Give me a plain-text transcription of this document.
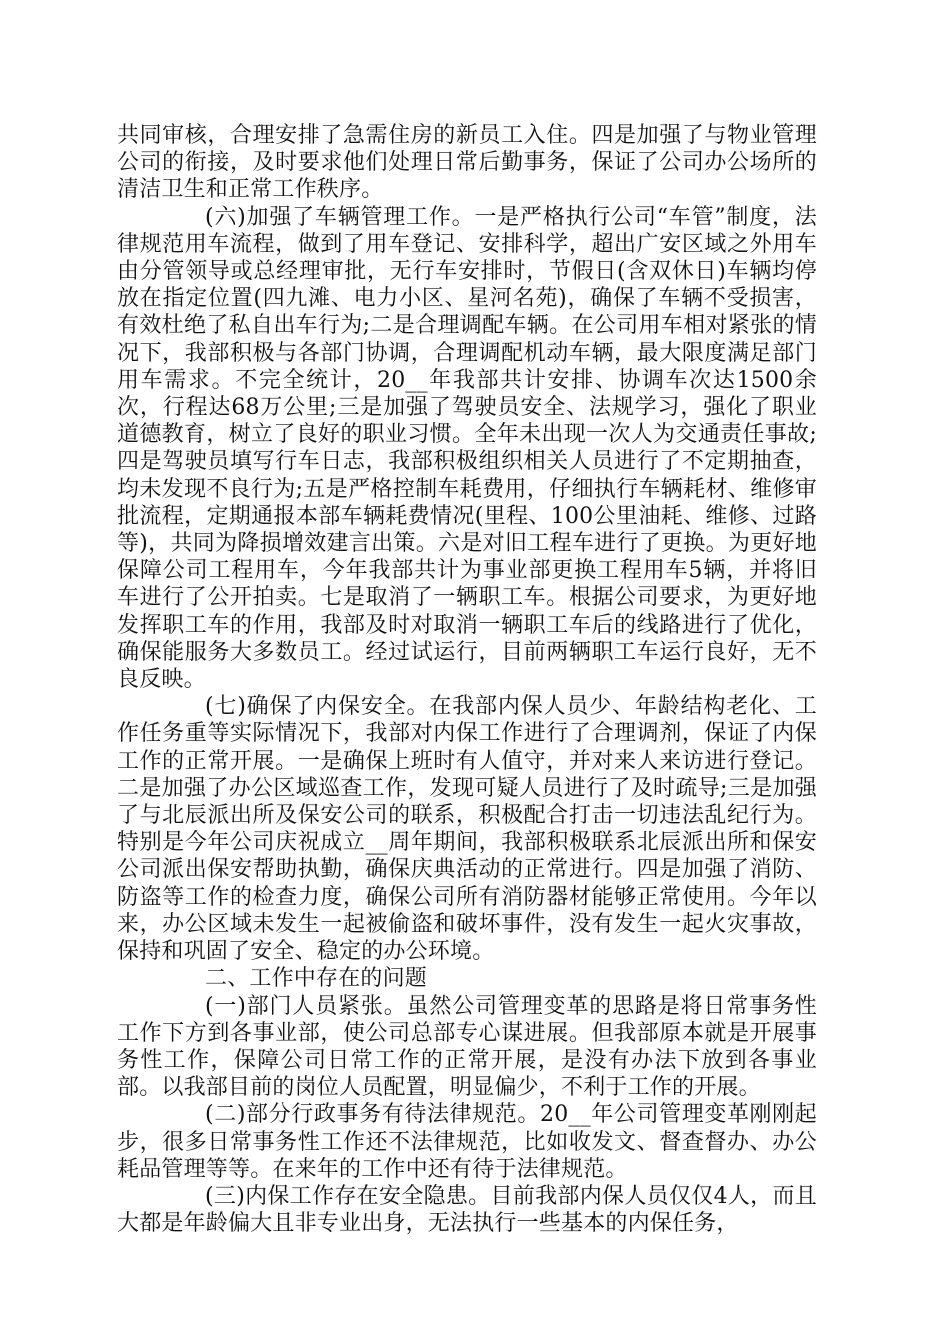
共同审核，合理安排了急需住房的新员工入住。四是加强了与物业管理公司的衔接，及时要求他们处理日常后勤事务，保证了公司办公场所的清洁卫生和正常工作秩序。

(六)加强了车辆管理工作。一是严格执行公司“车管”制度，法律规范用车流程，做到了用车登记、安排科学，超出广安区域之外用车由分管领导或总经理审批，无行车安排时，节假日(含双休日)车辆均停放在指定位置(四九滩、电力小区、星河名苑)，确保了车辆不受损害，有效杜绝了私自出车行为;二是合理调配车辆。在公司用车相对紧张的情况下，我部积极与各部门协调，合理调配机动车辆，最大限度满足部门用车需求。不完全统计，20__年我部共计安排、协调车次达1500余次，行程达68万公里;三是加强了驾驶员安全、法规学习，强化了职业道德教育，树立了良好的职业习惯。全年未出现一次人为交通责任事故;四是驾驶员填写行车日志，我部积极组织相关人员进行了不定期抽查，均未发现不良行为;五是严格控制车耗费用，仔细执行车辆耗材、维修审批流程，定期通报本部车辆耗费情况(里程、100公里油耗、维修、过路等)，共同为降损增效建言出策。六是对旧工程车进行了更换。为更好地保障公司工程用车，今年我部共计为事业部更换工程用车5辆，并将旧车进行了公开拍卖。七是取消了一辆职工车。根据公司要求，为更好地发挥职工车的作用，我部及时对取消一辆职工车后的线路进行了优化，确保能服务大多数员工。经过试运行，目前两辆职工车运行良好，无不良反映。

(七)确保了内保安全。在我部内保人员少、年龄结构老化、工作任务重等实际情况下，我部对内保工作进行了合理调剂，保证了内保工作的正常开展。一是确保上班时有人值守，并对来人来访进行登记。二是加强了办公区域巡查工作，发现可疑人员进行了及时疏导;三是加强了与北辰派出所及保安公司的联系，积极配合打击一切违法乱纪行为。特别是今年公司庆祝成立__周年期间，我部积极联系北辰派出所和保安公司派出保安帮助执勤，确保庆典活动的正常进行。四是加强了消防、防盗等工作的检查力度，确保公司所有消防器材能够正常使用。今年以来，办公区域未发生一起被偷盗和破坏事件，没有发生一起火灾事故，保持和巩固了安全、稳定的办公环境。

二、工作中存在的问题

(一)部门人员紧张。虽然公司管理变革的思路是将日常事务性工作下方到各事业部，使公司总部专心谋进展。但我部原本就是开展事务性工作，保障公司日常工作的正常开展，是没有办法下放到各事业部。以我部目前的岗位人员配置，明显偏少，不利于工作的开展。

(二)部分行政事务有待法律规范。20__年公司管理变革刚刚起步，很多日常事务性工作还不法律规范，比如收发文、督查督办、办公耗品管理等等。在来年的工作中还有待于法律规范。

(三)内保工作存在安全隐患。目前我部内保人员仅仅4人，而且大都是年龄偏大且非专业出身，无法执行一些基本的内保任务，
